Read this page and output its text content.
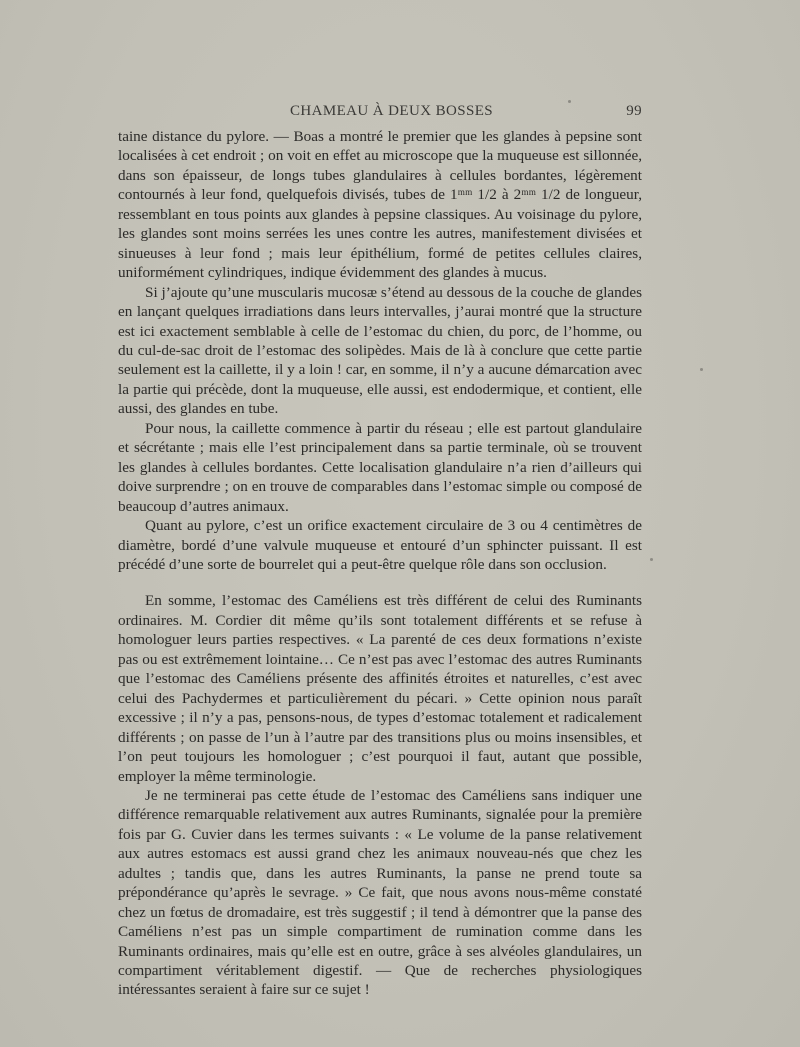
CHAMEAU À DEUX BOSSES	99

taine distance du pylore. — Boas a montré le premier que les glandes à pepsine sont localisées à cet endroit ; on voit en effet au microscope que la muqueuse est sillonnée, dans son épaisseur, de longs tubes glandulaires à cellules bordantes, légèrement contournés à leur fond, quelquefois divisés, tubes de 1ᵐᵐ 1/2 à 2ᵐᵐ 1/2 de longueur, ressemblant en tous points aux glandes à pepsine classiques. Au voisinage du pylore, les glandes sont moins serrées les unes contre les autres, manifestement divisées et sinueuses à leur fond ; mais leur épithélium, formé de petites cellules claires, uniformément cylindriques, indique évidemment des glandes à mucus.

Si j’ajoute qu’une muscularis mucosæ s’étend au dessous de la couche de glandes en lançant quelques irradiations dans leurs intervalles, j’aurai montré que la structure est ici exactement semblable à celle de l’estomac du chien, du porc, de l’homme, ou du cul-de-sac droit de l’estomac des solipèdes. Mais de là à conclure que cette partie seulement est la caillette, il y a loin ! car, en somme, il n’y a aucune démarcation avec la partie qui précède, dont la muqueuse, elle aussi, est endodermique, et contient, elle aussi, des glandes en tube.

Pour nous, la caillette commence à partir du réseau ; elle est partout glandulaire et sécrétante ; mais elle l’est principalement dans sa partie terminale, où se trouvent les glandes à cellules bordantes. Cette localisation glandulaire n’a rien d’ailleurs qui doive surprendre ; on en trouve de comparables dans l’estomac simple ou composé de beaucoup d’autres animaux.

Quant au pylore, c’est un orifice exactement circulaire de 3 ou 4 centimètres de diamètre, bordé d’une valvule muqueuse et entouré d’un sphincter puissant. Il est précédé d’une sorte de bourrelet qui a peut-être quelque rôle dans son occlusion.

En somme, l’estomac des Caméliens est très différent de celui des Ruminants ordinaires. M. Cordier dit même qu’ils sont totalement différents et se refuse à homologuer leurs parties respectives. « La parenté de ces deux formations n’existe pas ou est extrêmement lointaine… Ce n’est pas avec l’estomac des autres Ruminants que l’estomac des Caméliens présente des affinités étroites et naturelles, c’est avec celui des Pachydermes et particulièrement du pécari. » Cette opinion nous paraît excessive ; il n’y a pas, pensons-nous, de types d’estomac totalement et radicalement différents ; on passe de l’un à l’autre par des transitions plus ou moins insensibles, et l’on peut toujours les homologuer ; c’est pourquoi il faut, autant que possible, employer la même terminologie.

Je ne terminerai pas cette étude de l’estomac des Caméliens sans indiquer une différence remarquable relativement aux autres Ruminants, signalée pour la première fois par G. Cuvier dans les termes suivants : « Le volume de la panse relativement aux autres estomacs est aussi grand chez les animaux nouveau-nés que chez les adultes ; tandis que, dans les autres Ruminants, la panse ne prend toute sa prépondérance qu’après le sevrage. » Ce fait, que nous avons nous-même constaté chez un fœtus de dromadaire, est très suggestif ; il tend à démontrer que la panse des Caméliens n’est pas un simple compartiment de rumination comme dans les Ruminants ordinaires, mais qu’elle est en outre, grâce à ses alvéoles glandulaires, un compartiment véritablement digestif. — Que de recherches physiologiques intéressantes seraient à faire sur ce sujet !
